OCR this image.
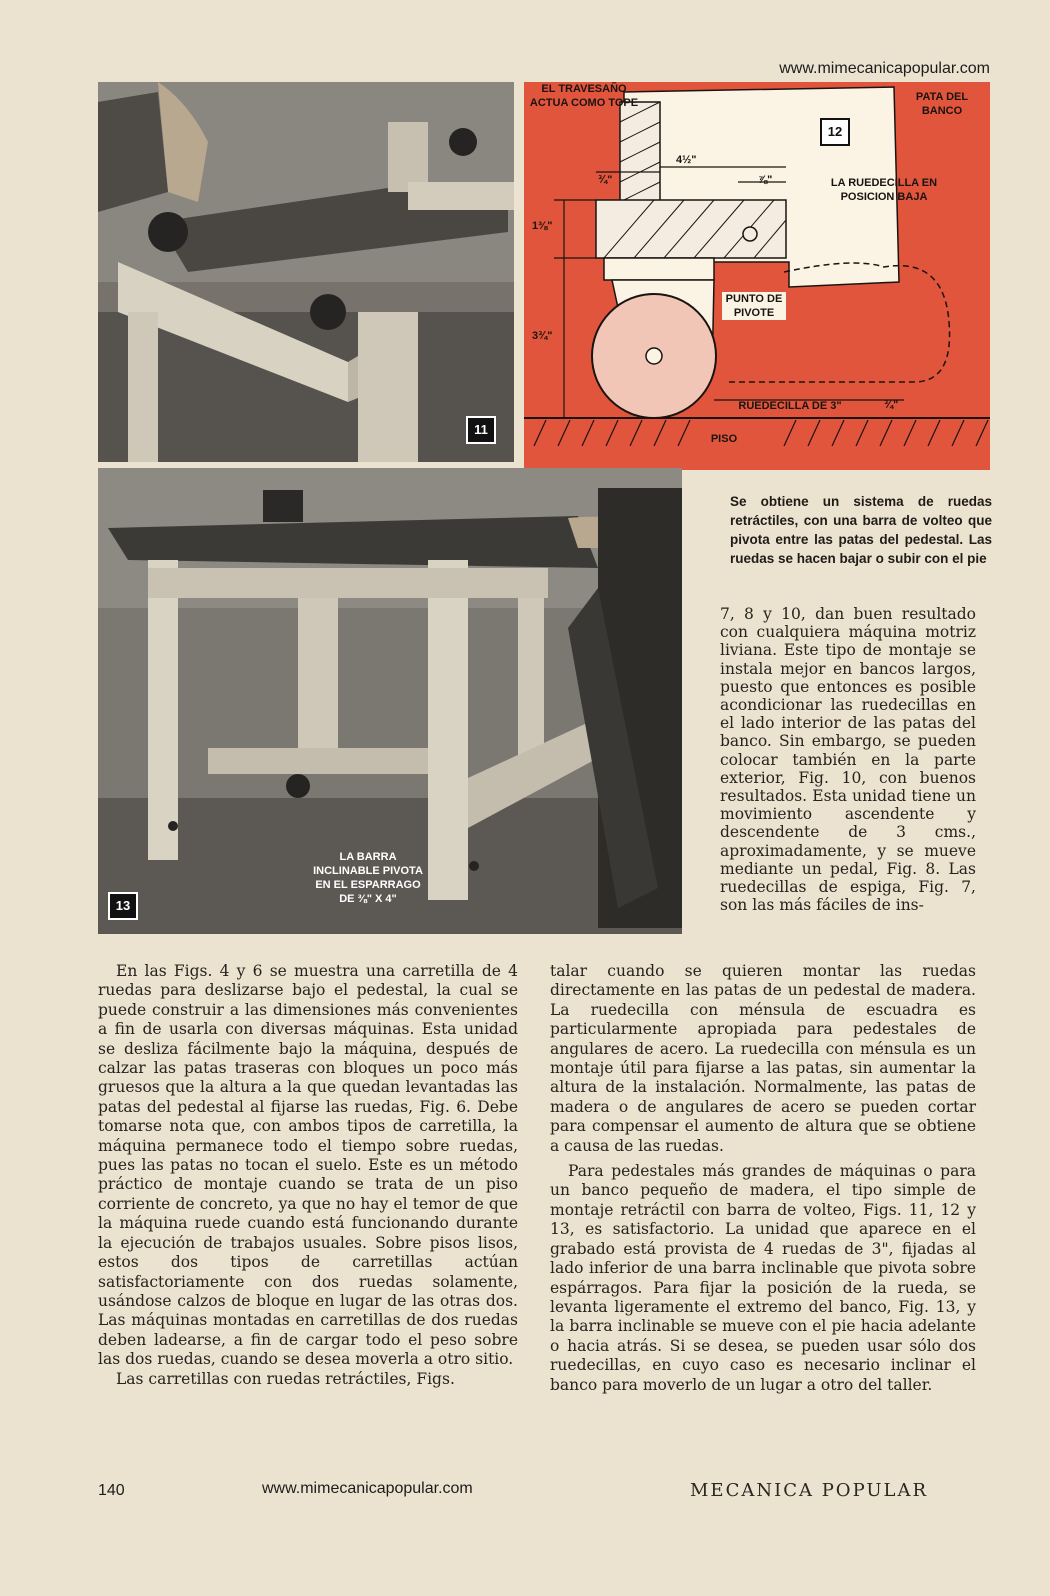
www.mimecanicapopular.com
11
EL TRAVESAÑO ACTUA COMO TOPE	PATA DEL BANCO
12
LA RUEDECILLA EN POSICION BAJA
PUNTO DE PIVOTE
RUEDECILLA DE 3"
PISO
4½"
¾"	⅞"
1⅜"
3¾"
¾"
13
LA BARRA INCLINABLE PIVOTA EN EL ESPARRAGO DE ⅜" X 4"
Se obtiene un sistema de ruedas retráctiles, con una barra de volteo que pivota entre las patas del pedestal. Las ruedas se hacen bajar o subir con el pie

7, 8 y 10, dan buen resultado con cualquiera máquina motriz liviana. Este tipo de montaje se instala mejor en bancos largos, puesto que entonces es posible acondicionar las ruedecillas en el lado interior de las patas del banco. Sin embargo, se pueden colocar también en la parte exterior, Fig. 10, con buenos resultados. Esta unidad tiene un movimiento ascendente y descendente de 3 cms., aproximadamente, y se mueve mediante un pedal, Fig. 8. Las ruedecillas de espiga, Fig. 7, son las más fáciles de ins-

En las Figs. 4 y 6 se muestra una carretilla de 4 ruedas para deslizarse bajo el pedestal, la cual se puede construir a las dimensiones más convenientes a fin de usarla con diversas máquinas. Esta unidad se desliza fácilmente bajo la máquina, después de calzar las patas traseras con bloques un poco más gruesos que la altura a la que quedan levantadas las patas del pedestal al fijarse las ruedas, Fig. 6. Debe tomarse nota que, con ambos tipos de carretilla, la máquina permanece todo el tiempo sobre ruedas, pues las patas no tocan el suelo. Este es un método práctico de montaje cuando se trata de un piso corriente de concreto, ya que no hay el temor de que la máquina ruede cuando está funcionando durante la ejecución de trabajos usuales. Sobre pisos lisos, estos dos tipos de carretillas actúan satisfactoriamente con dos ruedas solamente, usándose calzos de bloque en lugar de las otras dos. Las máquinas montadas en carretillas de dos ruedas deben ladearse, a fin de cargar todo el peso sobre las dos ruedas, cuando se desea moverla a otro sitio.

Las carretillas con ruedas retráctiles, Figs.

talar cuando se quieren montar las ruedas directamente en las patas de un pedestal de madera. La ruedecilla con ménsula de escuadra es particularmente apropiada para pedestales de angulares de acero. La ruedecilla con ménsula es un montaje útil para fijarse a las patas, sin aumentar la altura de la instalación. Normalmente, las patas de madera o de angulares de acero se pueden cortar para compensar el aumento de altura que se obtiene a causa de las ruedas.

Para pedestales más grandes de máquinas o para un banco pequeño de madera, el tipo simple de montaje retráctil con barra de volteo, Figs. 11, 12 y 13, es satisfactorio. La unidad que aparece en el grabado está provista de 4 ruedas de 3", fijadas al lado inferior de una barra inclinable que pivota sobre espárragos. Para fijar la posición de la rueda, se levanta ligeramente el extremo del banco, Fig. 13, y la barra inclinable se mueve con el pie hacia adelante o hacia atrás. Si se desea, se pueden usar sólo dos ruedecillas, en cuyo caso es necesario inclinar el banco para moverlo de un lugar a otro del taller.

140	www.mimecanicapopular.com	MECANICA POPULAR
